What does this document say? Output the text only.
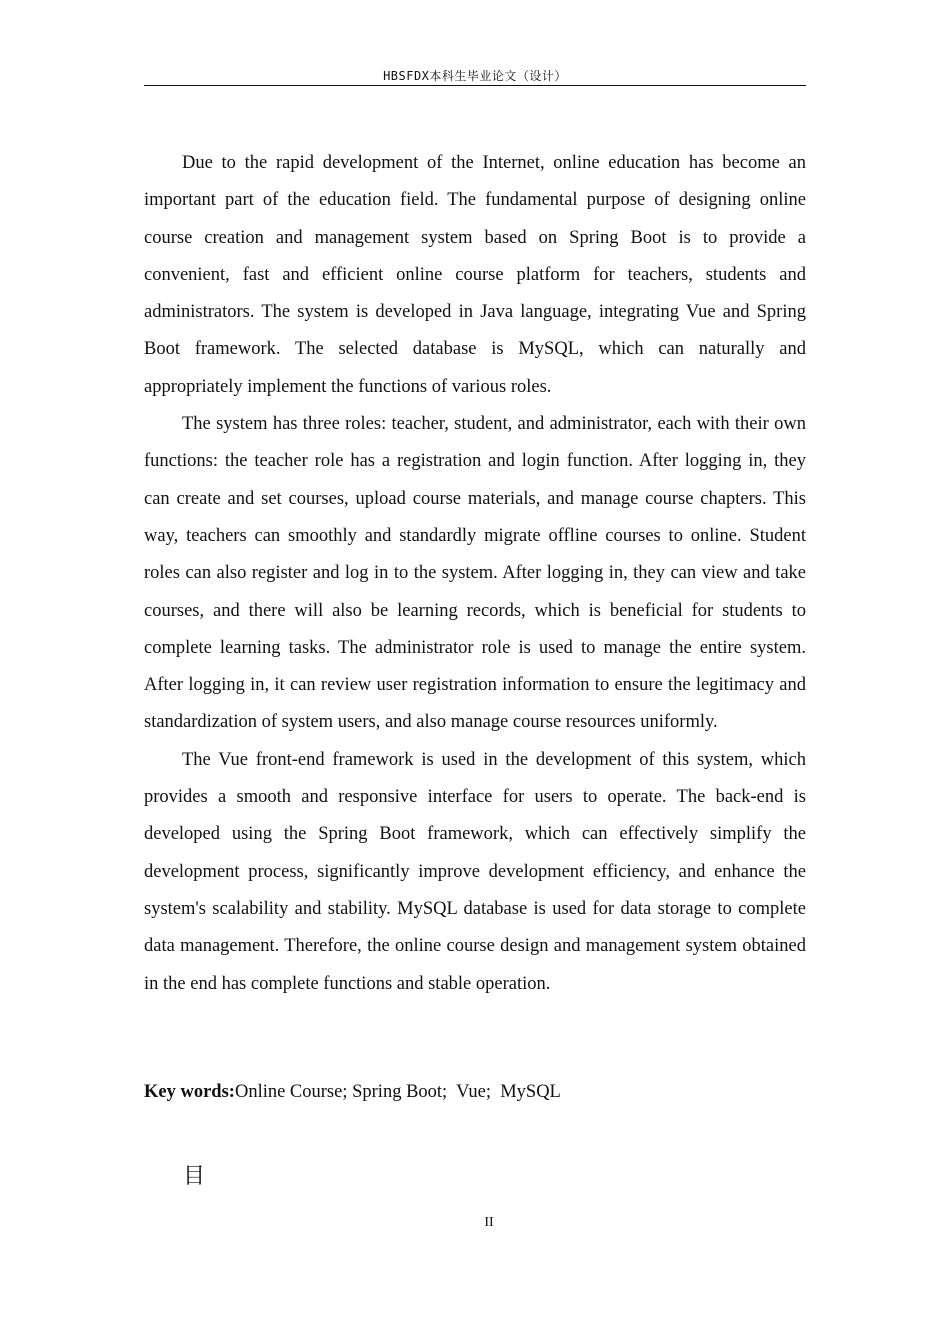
HBSFDX本科生毕业论文（设计）

Due to the rapid development of the Internet, online education has become an important part of the education field. The fundamental purpose of designing online course creation and management system based on Spring Boot is to provide a convenient, fast and efficient online course platform for teachers, students and administrators. The system is developed in Java language, integrating Vue and Spring Boot framework. The selected database is MySQL, which can naturally and appropriately implement the functions of various roles.

The system has three roles: teacher, student, and administrator, each with their own functions: the teacher role has a registration and login function. After logging in, they can create and set courses, upload course materials, and manage course chapters. This way, teachers can smoothly and standardly migrate offline courses to online. Student roles can also register and log in to the system. After logging in, they can view and take courses, and there will also be learning records, which is beneficial for students to complete learning tasks. The administrator role is used to manage the entire system. After logging in, it can review user registration information to ensure the legitimacy and standardization of system users, and also manage course resources uniformly.

The Vue front-end framework is used in the development of this system, which provides a smooth and responsive interface for users to operate. The back-end is developed using the Spring Boot framework, which can effectively simplify the development process, significantly improve development efficiency, and enhance the system's scalability and stability. MySQL database is used for data storage to complete data management. Therefore, the online course design and management system obtained in the end has complete functions and stable operation.

Key words:Online Course; Spring Boot;  Vue;  MySQL
目
II
